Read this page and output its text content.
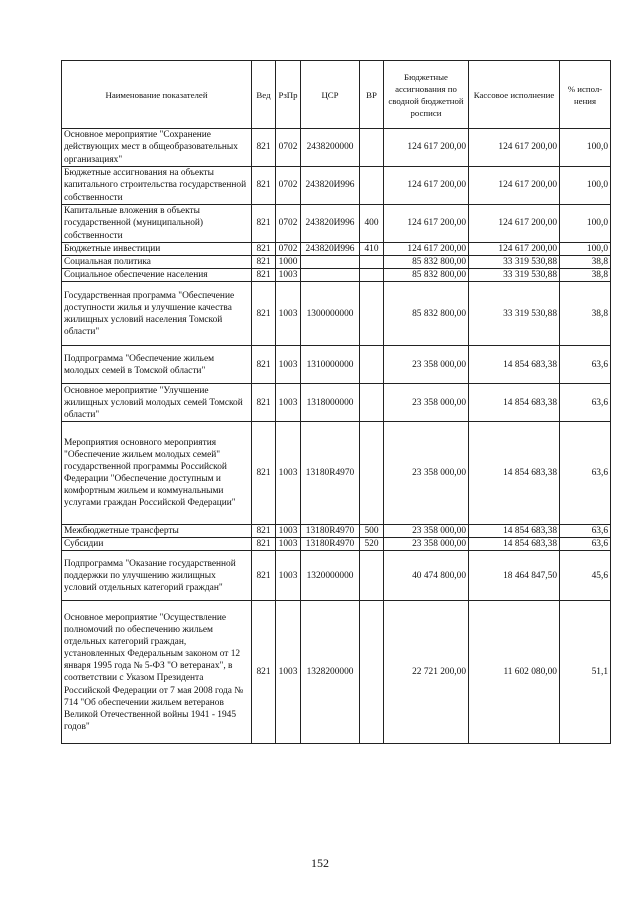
Наименование показателей	Вед	РзПр	ЦСР	ВР	Бюджетные ассигнования по сводной бюджетной росписи	Кассовое исполнение	% испол-нения
Основное мероприятие "Сохранение действующих мест в общеобразовательных организациях"	821	0702	2438200000		124 617 200,00	124 617 200,00	100,0
Бюджетные ассигнования на объекты капитального строительства государственной собственности	821	0702	243820И996		124 617 200,00	124 617 200,00	100,0
Капитальные вложения в объекты государственной (муниципальной) собственности	821	0702	243820И996	400	124 617 200,00	124 617 200,00	100,0
Бюджетные инвестиции	821	0702	243820И996	410	124 617 200,00	124 617 200,00	100,0
Социальная политика	821	1000			85 832 800,00	33 319 530,88	38,8
Социальное обеспечение населения	821	1003			85 832 800,00	33 319 530,88	38,8
Государственная программа "Обеспечение доступности жилья и улучшение качества жилищных условий населения Томской области"	821	1003	1300000000		85 832 800,00	33 319 530,88	38,8
Подпрограмма "Обеспечение жильем молодых семей в Томской области"	821	1003	1310000000		23 358 000,00	14 854 683,38	63,6
Основное мероприятие "Улучшение жилищных условий молодых семей Томской области"	821	1003	1318000000		23 358 000,00	14 854 683,38	63,6
Мероприятия основного мероприятия "Обеспечение жильем молодых семей" государственной программы Российской Федерации "Обеспечение доступным и комфортным жильем и коммунальными услугами граждан Российской Федерации"	821	1003	13180R4970		23 358 000,00	14 854 683,38	63,6
Межбюджетные трансферты	821	1003	13180R4970	500	23 358 000,00	14 854 683,38	63,6
Субсидии	821	1003	13180R4970	520	23 358 000,00	14 854 683,38	63,6
Подпрограмма "Оказание государственной поддержки по улучшению жилищных условий отдельных категорий граждан"	821	1003	1320000000		40 474 800,00	18 464 847,50	45,6
Основное мероприятие "Осуществление полномочий по обеспечению жильем отдельных категорий граждан, установленных Федеральным законом от 12 января 1995 года № 5-ФЗ "О ветеранах", в соответствии с Указом Президента Российской Федерации от 7 мая 2008 года № 714 "Об обеспечении жильем ветеранов Великой Отечественной войны 1941 - 1945 годов"	821	1003	1328200000		22 721 200,00	11 602 080,00	51,1
152
